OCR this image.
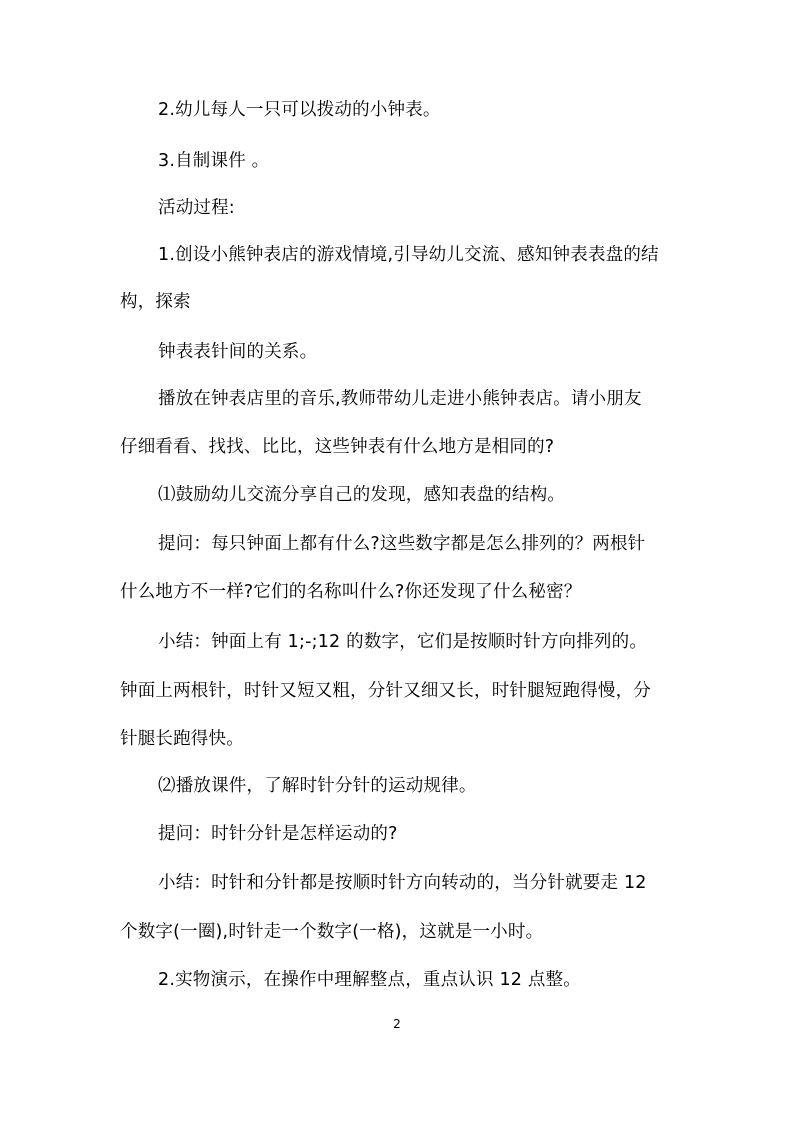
2.幼儿每人一只可以拨动的小钟表。
3.自制课件 。
活动过程:
1.创设小熊钟表店的游戏情境,引导幼儿交流、感知钟表表盘的结
构，探索
钟表表针间的关系。
播放在钟表店里的音乐,教师带幼儿走进小熊钟表店。请小朋友
仔细看看、找找、比比，这些钟表有什么地方是相同的?
⑴鼓励幼儿交流分享自己的发现，感知表盘的结构。
提问：每只钟面上都有什么?这些数字都是怎么排列的？两根针
什么地方不一样?它们的名称叫什么?你还发现了什么秘密？
小结：钟面上有 1;-;12 的数字，它们是按顺时针方向排列的。
钟面上两根针，时针又短又粗，分针又细又长，时针腿短跑得慢，分
针腿长跑得快。
⑵播放课件，了解时针分针的运动规律。
提问：时针分针是怎样运动的?
小结：时针和分针都是按顺时针方向转动的，当分针就要走 12
个数字(一圈),时针走一个数字(一格)，这就是一小时。
2.实物演示，在操作中理解整点，重点认识 12 点整。
2
